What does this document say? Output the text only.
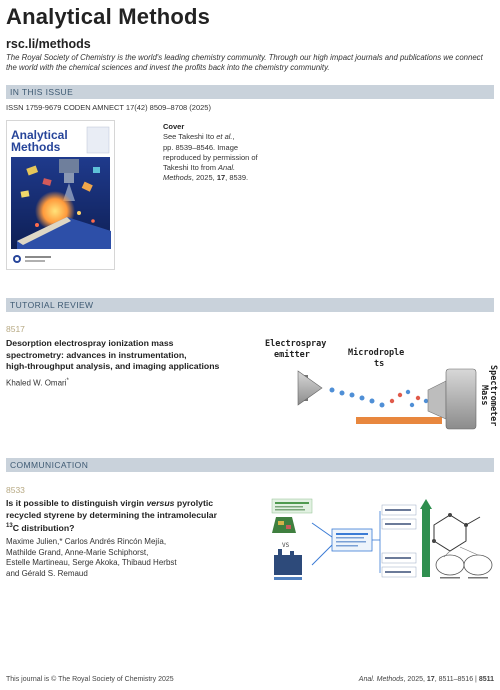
Analytical Methods
rsc.li/methods
The Royal Society of Chemistry is the world's leading chemistry community. Through our high impact journals and publications we connect the world with the chemical sciences and invest the profits back into the chemistry community.
IN THIS ISSUE
ISSN 1759-9679 CODEN AMNECT 17(42) 8509–8708 (2025)
Analytical
Methods
Cover
See Takeshi Ito et al.,
pp. 8539–8546. Image
reproduced by permission of
Takeshi Ito from Anal.
Methods, 2025, 17, 8539.
TUTORIAL REVIEW
8517
Desorption electrospray ionization mass
spectrometry: advances in instrumentation,
high-throughput analysis, and imaging applications
Khaled W. Omari*
Electrospray
emitter	Microdrople
ts
Mass Spectrometer
COMMUNICATION
8533
Is it possible to distinguish virgin versus pyrolytic
recycled styrene by determining the intramolecular
$^{13}$C distribution?
Maxime Julien,* Carlos Andrés Rincón Mejía,
Mathilde Grand, Anne-Marie Schiphorst,
Estelle Martineau, Serge Akoka, Thibaud Herbst
and Gérald S. Remaud
VS
This journal is © The Royal Society of Chemistry 2025	Anal. Methods, 2025, 17, 8511–8516 | 8511
